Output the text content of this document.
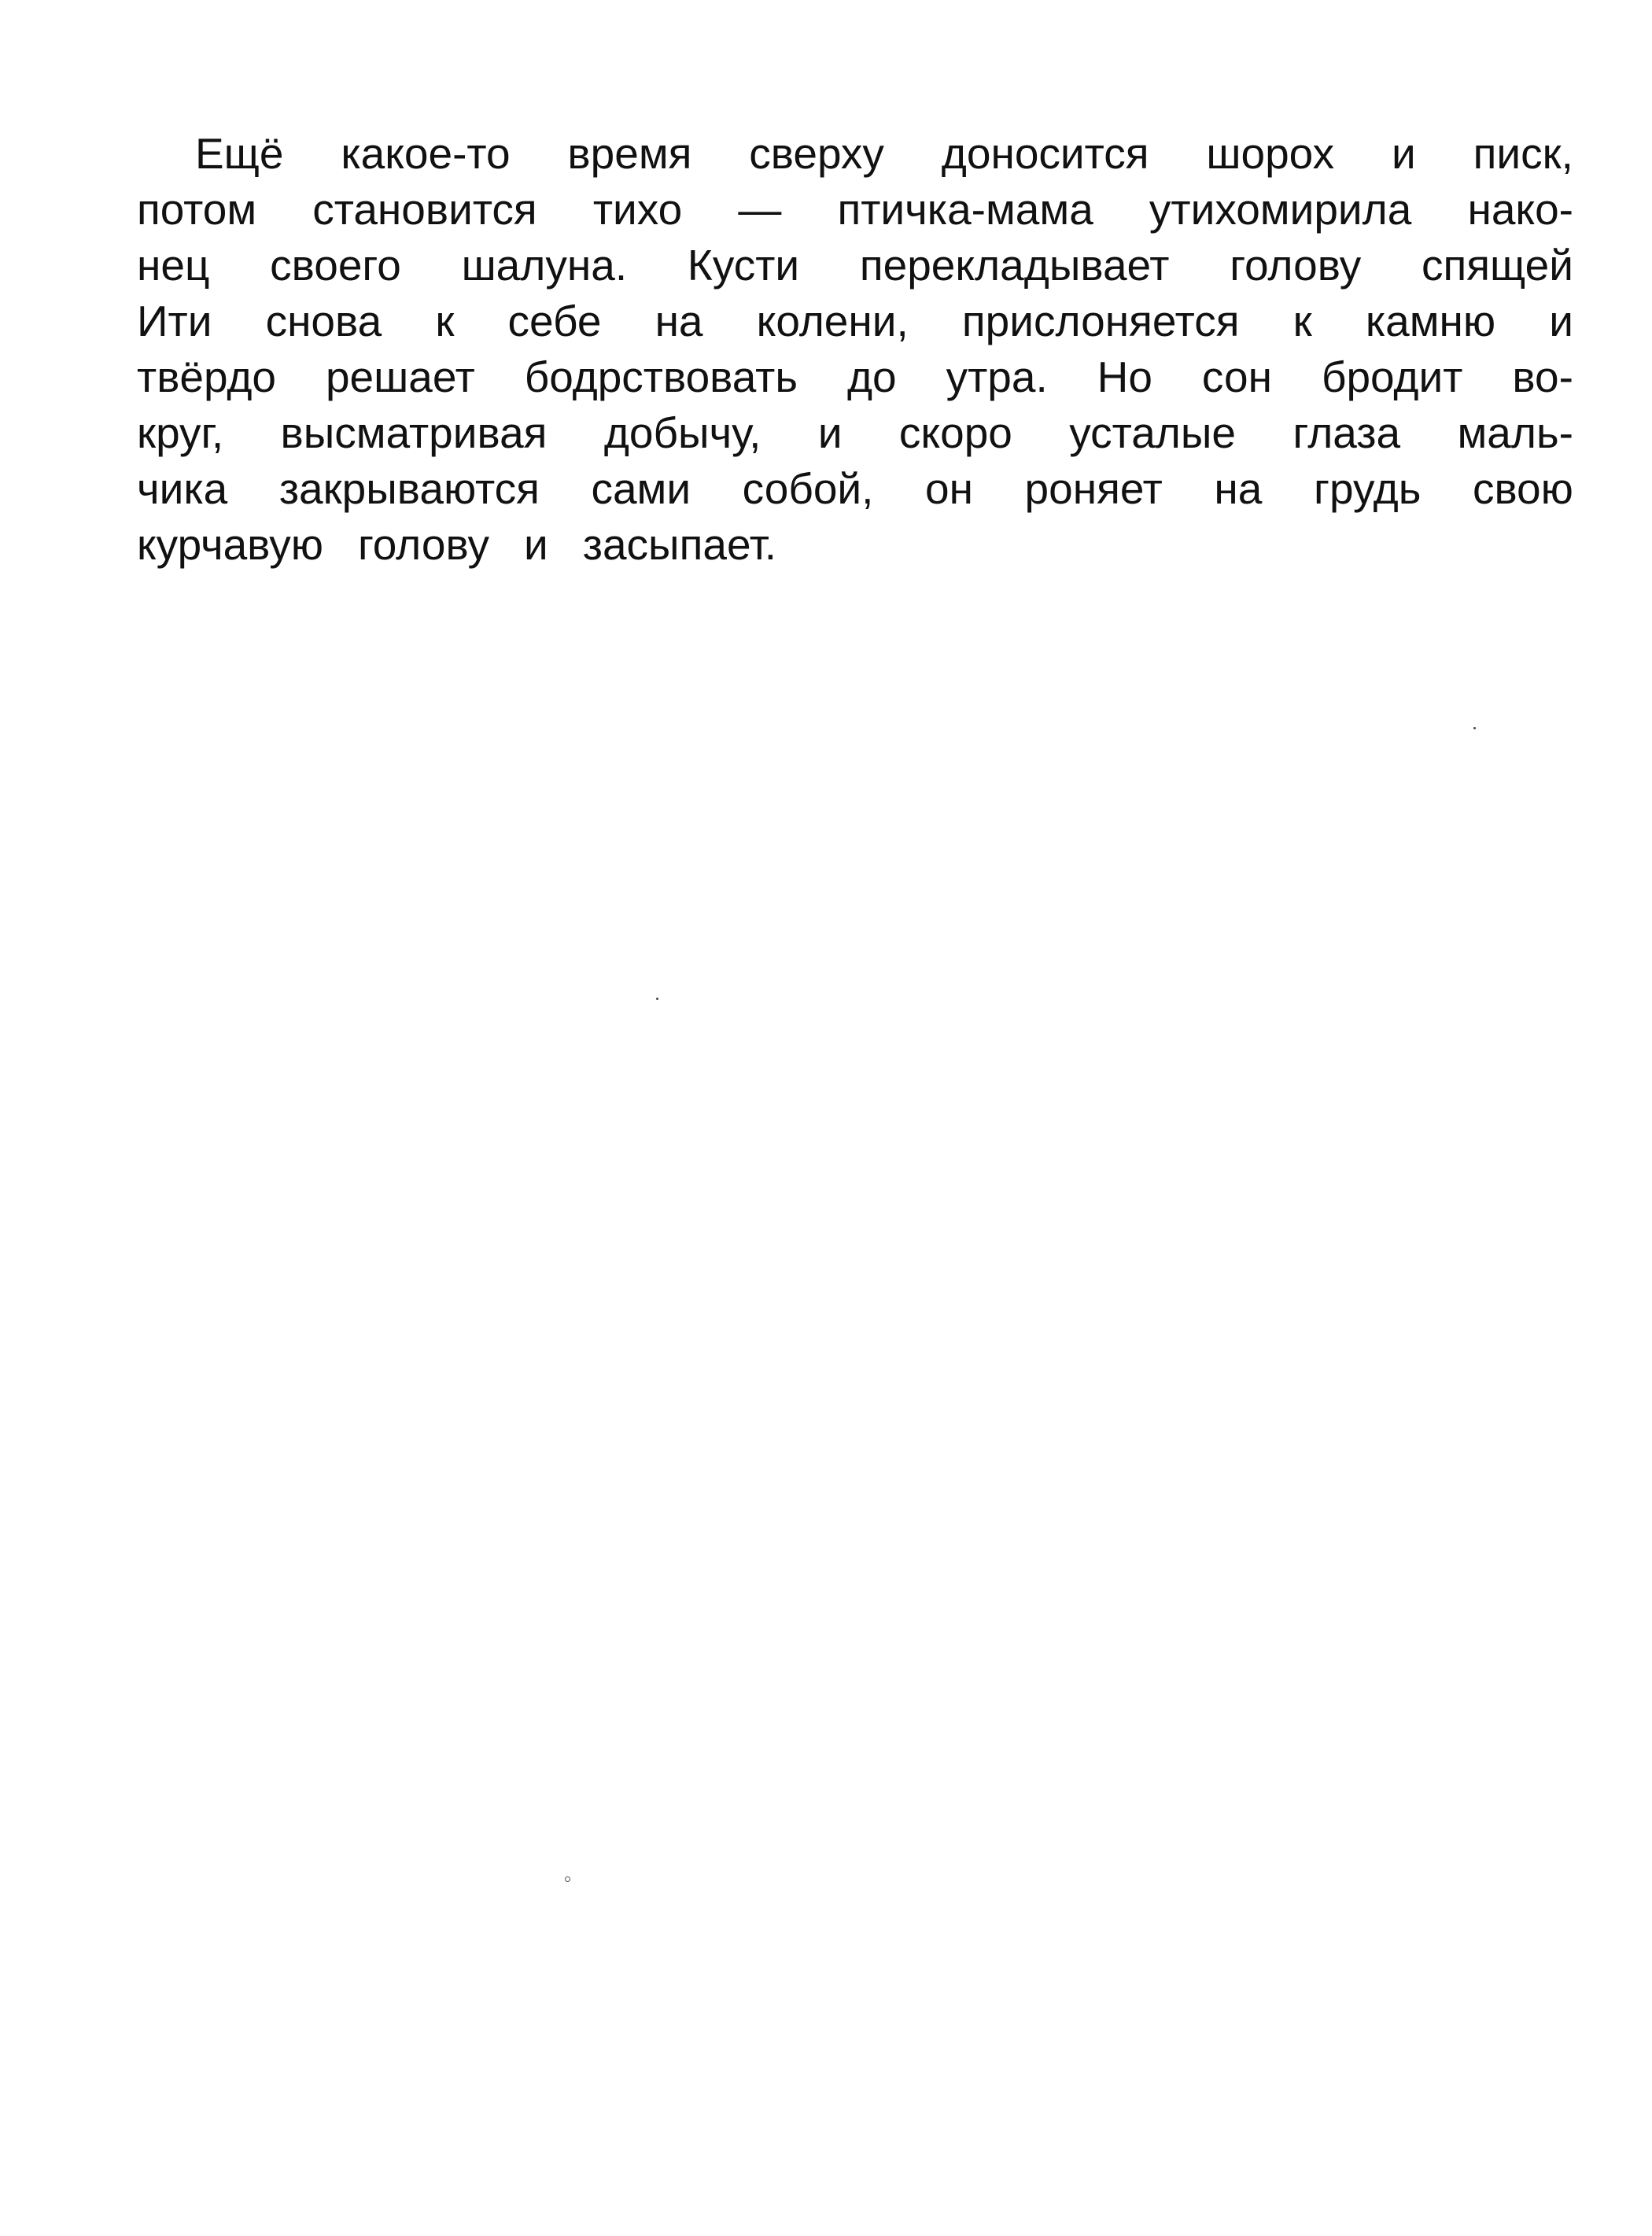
Ещё какое-то время сверху доносится шорох и писк,
потом становится тихо — птичка-мама утихомирила нако-
нец своего шалуна. Кусти перекладывает голову спящей
Ити снова к себе на колени, прислоняется к камню и
твёрдо решает бодрствовать до утра. Но сон бродит во-
круг, высматривая добычу, и скоро усталые глаза маль-
чика закрываются сами собой, он роняет на грудь свою
курчавую голову и засыпает.
